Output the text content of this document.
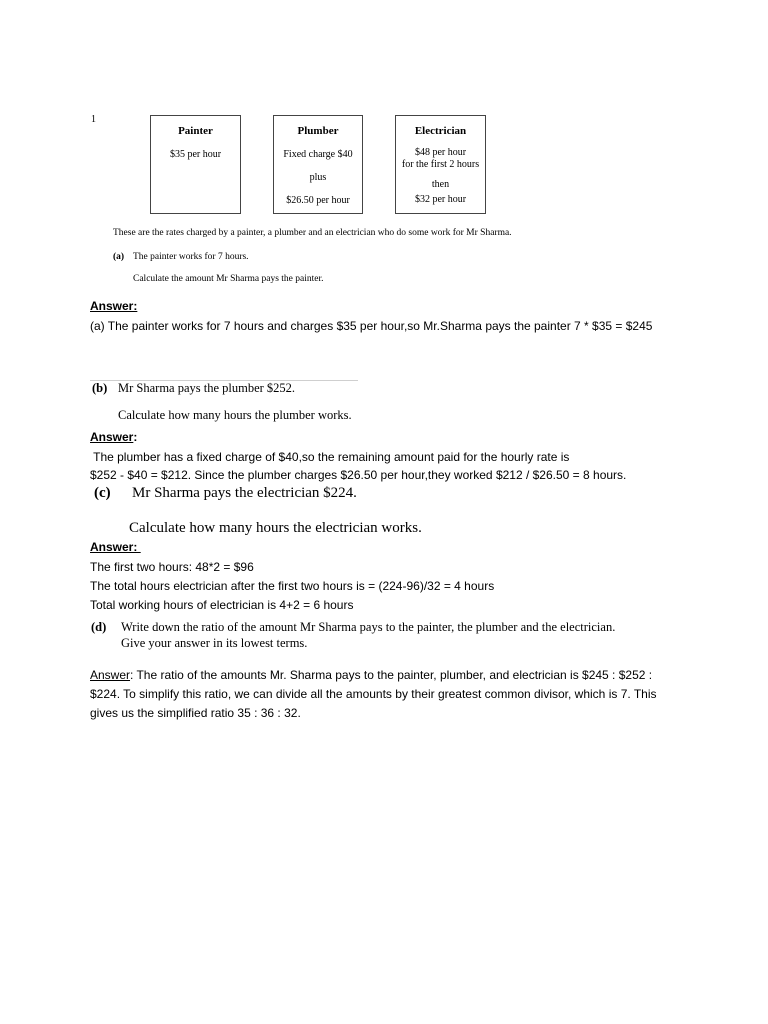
1
Painter
$35 per hour
Plumber
Fixed charge $40
plus
$26.50 per hour
Electrician
$48 per hour
for the first 2 hours
then
$32 per hour
These are the rates charged by a painter, a plumber and an electrician who do some work for Mr Sharma.
(a) The painter works for 7 hours.
Calculate the amount Mr Sharma pays the painter.
Answer:
(a) The painter works for 7 hours and charges $35 per hour,so Mr.Sharma pays the painter 7 * $35 = $245
(b) Mr Sharma pays the plumber $252.
Calculate how many hours the plumber works.
Answer:
The plumber has a fixed charge of $40,so the remaining amount paid for the hourly rate is
$252 - $40 = $212. Since the plumber charges $26.50 per hour,they worked $212 / $26.50 = 8 hours.
(c) Mr Sharma pays the electrician $224.
Calculate how many hours the electrician works.
Answer:
The first two hours: 48*2 = $96
The total hours electrician after the first two hours is = (224-96)/32 = 4 hours
Total working hours of electrician is 4+2 = 6 hours
(d) Write down the ratio of the amount Mr Sharma pays to the painter, the plumber and the electrician.
Give your answer in its lowest terms.
Answer: The ratio of the amounts Mr. Sharma pays to the painter, plumber, and electrician is $245 : $252 : $224. To simplify this ratio, we can divide all the amounts by their greatest common divisor, which is 7. This gives us the simplified ratio 35 : 36 : 32.
